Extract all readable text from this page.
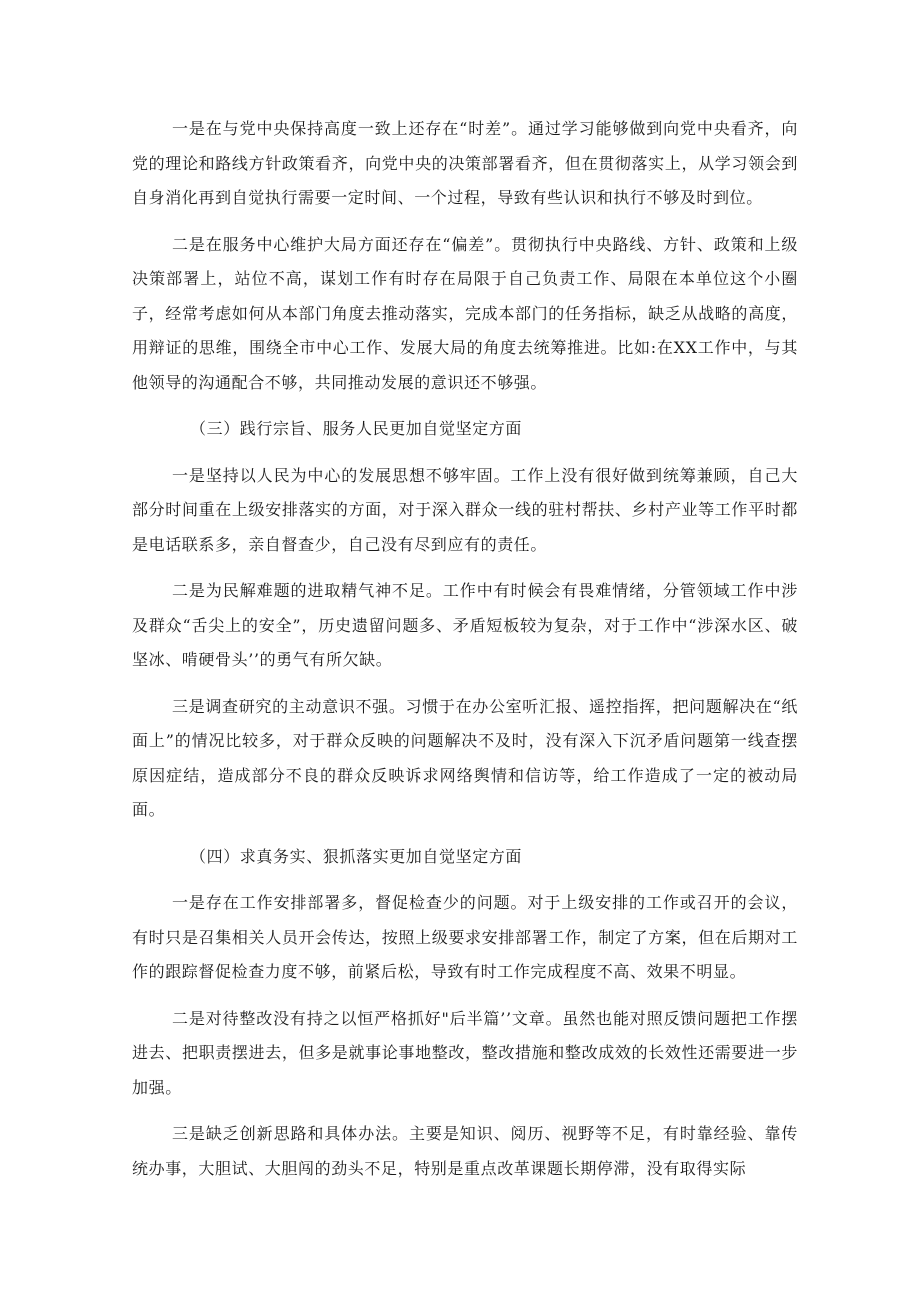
一是在与党中央保持高度一致上还存在“时差”。通过学习能够做到向党中央看齐，向党的理论和路线方针政策看齐，向党中央的决策部署看齐，但在贯彻落实上，从学习领会到自身消化再到自觉执行需要一定时间、一个过程，导致有些认识和执行不够及时到位。

二是在服务中心维护大局方面还存在“偏差”。贯彻执行中央路线、方针、政策和上级决策部署上，站位不高，谋划工作有时存在局限于自己负责工作、局限在本单位这个小圈子，经常考虑如何从本部门角度去推动落实，完成本部门的任务指标，缺乏从战略的高度，用辩证的思维，围绕全市中心工作、发展大局的角度去统筹推进。比如:在XX工作中，与其他领导的沟通配合不够，共同推动发展的意识还不够强。

（三）践行宗旨、服务人民更加自觉坚定方面

一是坚持以人民为中心的发展思想不够牢固。工作上没有很好做到统筹兼顾，自己大部分时间重在上级安排落实的方面，对于深入群众一线的驻村帮扶、乡村产业等工作平时都是电话联系多，亲自督查少，自己没有尽到应有的责任。

二是为民解难题的进取精气神不足。工作中有时候会有畏难情绪，分管领域工作中涉及群众“舌尖上的安全”，历史遗留问题多、矛盾短板较为复杂，对于工作中“涉深水区、破坚冰、啃硬骨头’’的勇气有所欠缺。

三是调查研究的主动意识不强。习惯于在办公室听汇报、遥控指挥，把问题解决在“纸面上”的情况比较多，对于群众反映的问题解决不及时，没有深入下沉矛盾问题第一线查摆原因症结，造成部分不良的群众反映诉求网络舆情和信访等，给工作造成了一定的被动局面。

（四）求真务实、狠抓落实更加自觉坚定方面

一是存在工作安排部署多，督促检查少的问题。对于上级安排的工作或召开的会议，有时只是召集相关人员开会传达，按照上级要求安排部署工作，制定了方案，但在后期对工作的跟踪督促检查力度不够，前紧后松，导致有时工作完成程度不高、效果不明显。

二是对待整改没有持之以恒严格抓好"后半篇’’文章。虽然也能对照反馈问题把工作摆进去、把职责摆进去，但多是就事论事地整改，整改措施和整改成效的长效性还需要进一步加强。

三是缺乏创新思路和具体办法。主要是知识、阅历、视野等不足，有时靠经验、靠传统办事，大胆试、大胆闯的劲头不足，特别是重点改革课题长期停滞，没有取得实际
